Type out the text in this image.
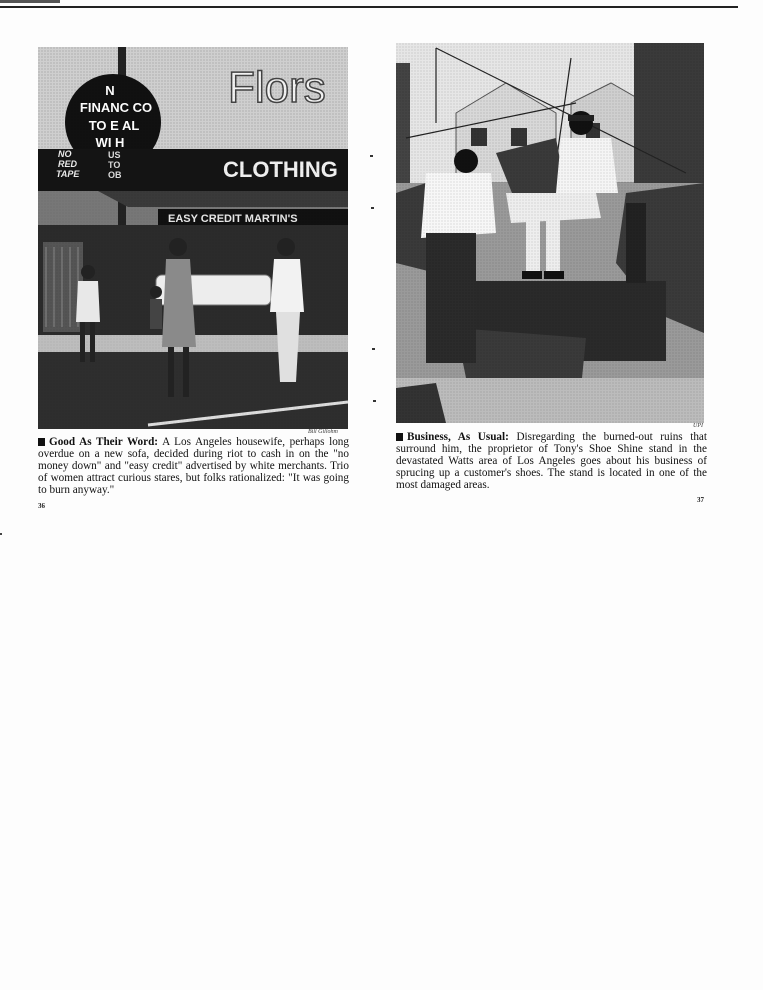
Bill Gillohm
Good As Their Word: A Los Angeles housewife, perhaps long overdue on a new sofa, decided during riot to cash in on the "no money down" and "easy credit" advertised by white merchants. Trio of women attract curious stares, but folks rationalized: "It was going to burn anyway."
36
UPI
Business, As Usual: Disregarding the burned-out ruins that surround him, the proprietor of Tony's Shoe Shine stand in the devastated Watts area of Los Angeles goes about his business of sprucing up a customer's shoes. The stand is located in one of the most damaged areas.
37
